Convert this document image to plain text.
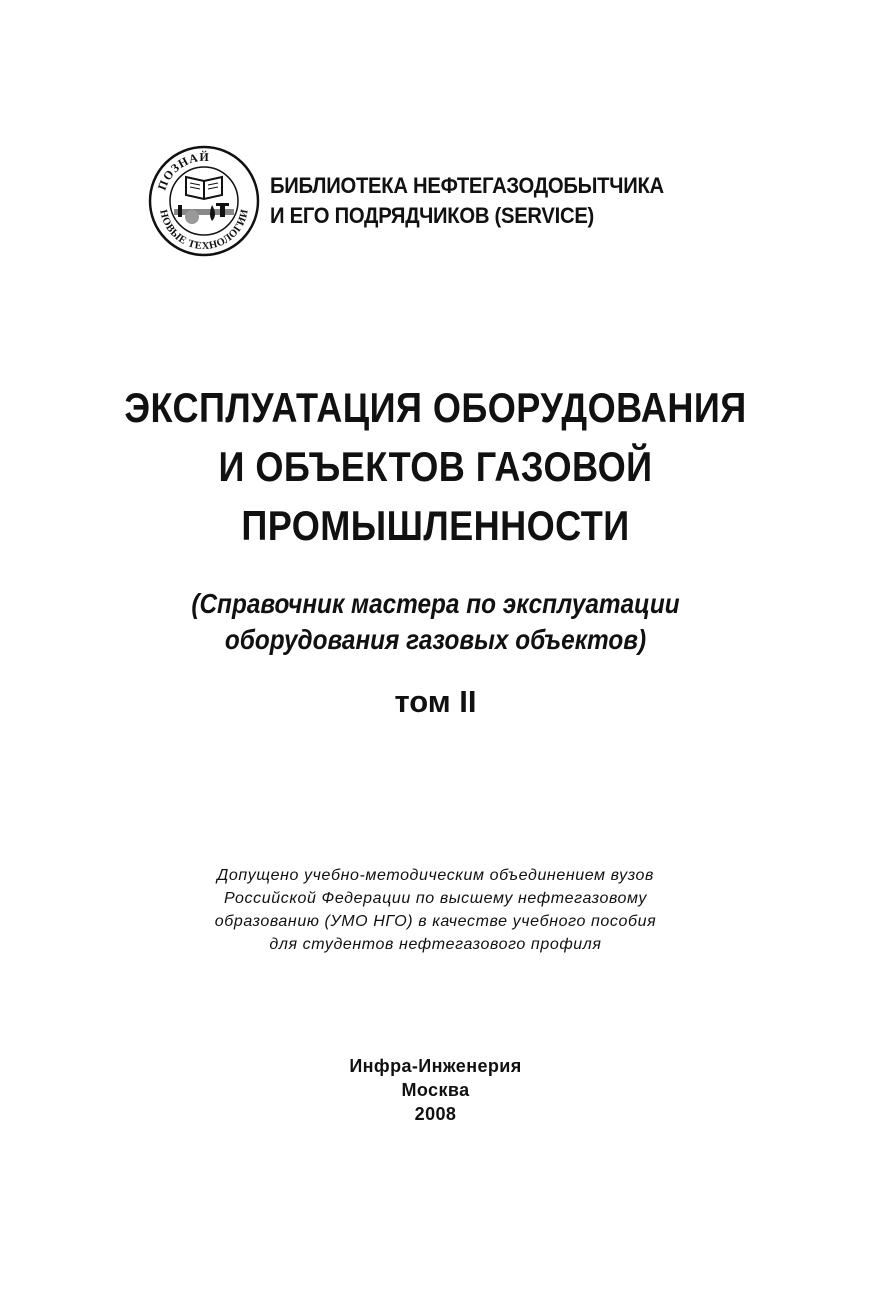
ПОЗНАЙ
НОВЫЕ ТЕХНОЛОГИИ
БИБЛИОТЕКА НЕФТЕГАЗОДОБЫТЧИКА
И ЕГО ПОДРЯДЧИКОВ (SERVICE)
ЭКСПЛУАТАЦИЯ ОБОРУДОВАНИЯ
И ОБЪЕКТОВ ГАЗОВОЙ
ПРОМЫШЛЕННОСТИ
(Справочник мастера по эксплуатации
оборудования газовых объектов)
том II
Допущено учебно-методическим объединением вузов
Российской Федерации по высшему нефтегазовому
образованию (УМО НГО) в качестве учебного пособия
для студентов нефтегазового профиля
Инфра-Инженерия
Москва
2008
